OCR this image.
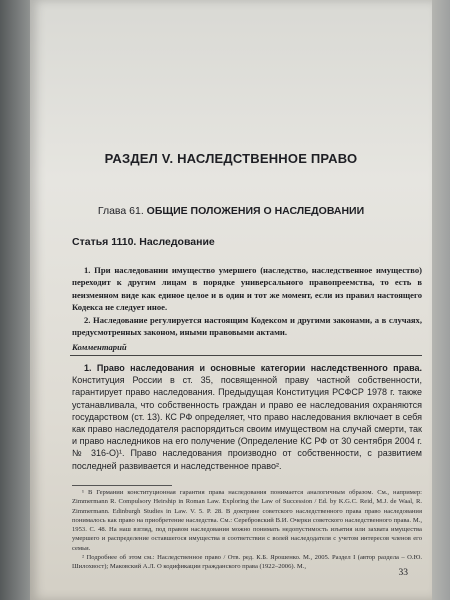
РАЗДЕЛ V. НАСЛЕДСТВЕННОЕ ПРАВО
Глава 61. ОБЩИЕ ПОЛОЖЕНИЯ О НАСЛЕДОВАНИИ
Статья 1110. Наследование

1. При наследовании имущество умершего (наследство, наследственное имущество) переходит к другим лицам в порядке универсального правопреемства, то есть в неизменном виде как единое целое и в один и тот же момент, если из правил настоящего Кодекса не следует иное.

2. Наследование регулируется настоящим Кодексом и другими законами, а в случаях, предусмотренных законом, иными правовыми актами.

Комментарий

1. Право наследования и основные категории наследственного права. Конституция России в ст. 35, посвященной праву частной собственности, гарантирует право наследования. Предыдущая Конституция РСФСР 1978 г. также устанавливала, что собственность граждан и право ее наследования охраняются государством (ст. 13). КС РФ определяет, что право наследования включает в себя как право наследодателя распорядиться своим имуществом на случай смерти, так и право наследников на его получение (Определение КС РФ от 30 сентября 2004 г. № 316-О)¹. Право наследования производно от собственности, с развитием последней развивается и наследственное право².

¹ В Германии конституционная гарантия права наследования понимается аналогичным образом. См., например: Zimmermann R. Compulsory Heirship in Roman Law. Exploring the Law of Succession / Ed. by K.G.C. Reid, M.J. de Waal, R. Zimmermann. Edinburgh Studies in Law. V. 5. P. 28. В доктрине советского наследственного права право наследования понималось как право на приобретение наследства. См.: Серебровский В.И. Очерки советского наследственного права. М., 1953. С. 48. На наш взгляд, под правом наследования можно понимать недопустимость изъятия или захвата имущества умершего и распределение оставшегося имущества в соответствии с волей наследодателя с учетом интересов членов его семьи.

² Подробнее об этом см.: Наследственное право / Отв. ред. К.Б. Ярошенко. М., 2005. Раздел I (автор раздела – О.Ю. Шилохвост); Маковский А.Л. О кодификации гражданского права (1922–2006). М.,

33
